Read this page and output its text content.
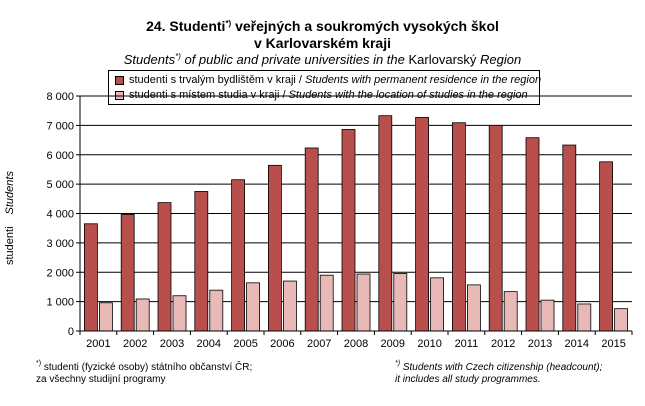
24. Studenti*) veřejných a soukromých vysokých škol
v Karlovarském kraji
Students*) of public and private universities in the Karlovarský Region
studenti s trvalým bydlištěm v kraji / Students with permanent residence in the region
studenti s místem studia v kraji / Students with the location of studies in the region
studentiStudents
0
1 000
2 000
3 000
4 000
5 000
6 000
7 000
8 000
2001 2002 2003 2004 2005 2006 2007 2008 2009 2010 2011 2012 2013 2014 2015
*) studenti (fyzické osoby) státního občanství ČR;
za všechny studijní programy
*) Students with Czech citizenship (headcount);
it includes all study programmes.
